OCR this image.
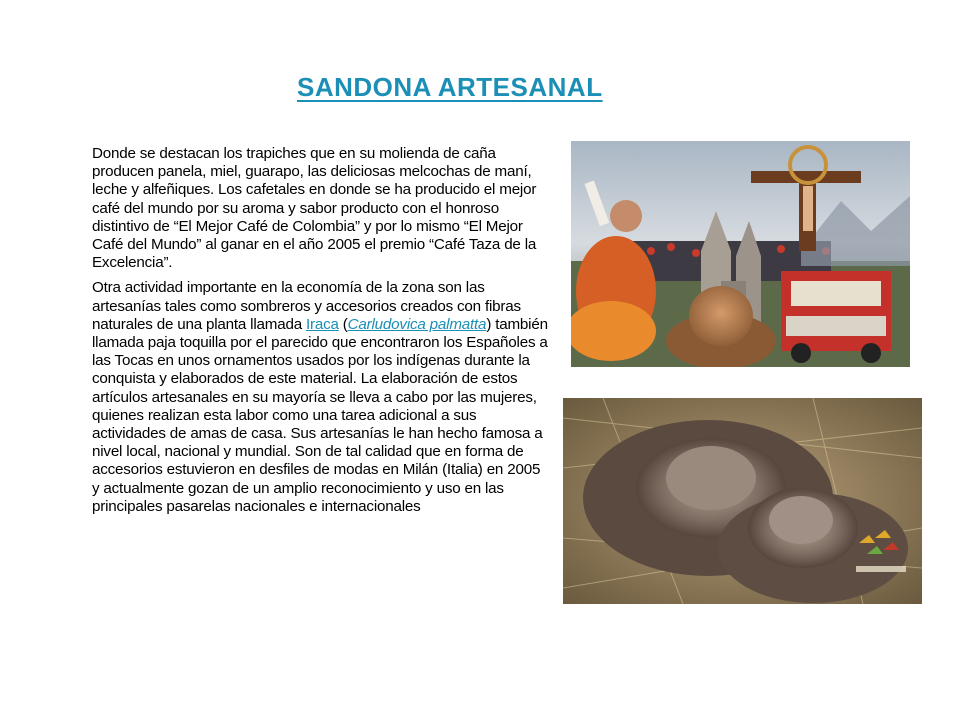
SANDONA ARTESANAL

Donde se destacan los trapiches que en su molienda de caña producen panela, miel, guarapo, las deliciosas melcochas de maní, leche y alfeñiques. Los cafetales en donde se ha producido el mejor café del mundo por su aroma y sabor producto con el honroso distintivo de “El Mejor Café de Colombia” y por lo mismo “El Mejor Café del Mundo” al ganar en el año 2005 el premio “Café Taza de la Excelencia”.

Otra actividad importante en la economía de la zona son las artesanías tales como sombreros y accesorios creados con fibras naturales de una planta llamada Iraca (Carludovica palmatta) también llamada paja toquilla por el parecido que encontraron los Españoles a las Tocas en unos ornamentos usados por los indígenas durante la conquista y elaborados de este material. La elaboración de estos artículos artesanales en su mayoría se lleva a cabo por las mujeres, quienes realizan esta labor como una tarea adicional a sus actividades de amas de casa. Sus artesanías le han hecho famosa a nivel local, nacional y mundial. Son de tal calidad que en forma de accesorios estuvieron en desfiles de modas en Milán (Italia) en 2005 y actualmente gozan de un amplio reconocimiento y uso en las principales pasarelas nacionales e internacionales
